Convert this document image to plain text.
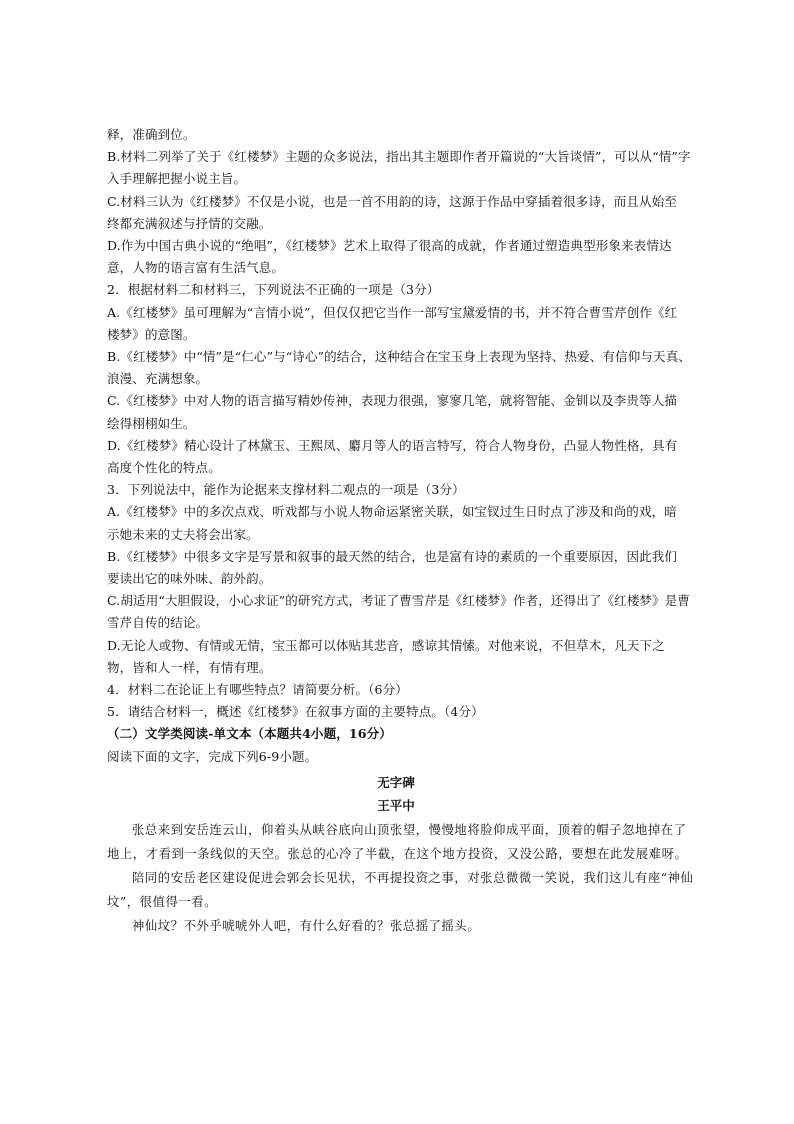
释，准确到位。

B.材料二列举了关于《红楼梦》主题的众多说法，指出其主题即作者开篇说的“大旨谈情”，可以从“情”字

入手理解把握小说主旨。

C.材料三认为《红楼梦》不仅是小说，也是一首不用韵的诗，这源于作品中穿插着很多诗，而且从始至

终都充满叙述与抒情的交融。

D.作为中国古典小说的“绝唱”，《红楼梦》艺术上取得了很高的成就，作者通过塑造典型形象来表情达

意，人物的语言富有生活气息。

2．根据材料二和材料三，下列说法不正确的一项是（3分）

A.《红楼梦》虽可理解为“言情小说”，但仅仅把它当作一部写宝黛爱情的书，并不符合曹雪芹创作《红

楼梦》的意图。

B.《红楼梦》中“情”是“仁心”与“诗心”的结合，这种结合在宝玉身上表现为坚持、热爱、有信仰与天真、

浪漫、充满想象。

C.《红楼梦》中对人物的语言描写精妙传神，表现力很强，寥寥几笔，就将智能、金钏以及李贵等人描

绘得栩栩如生。

D.《红楼梦》精心设计了林黛玉、王熙凤、麝月等人的语言特写，符合人物身份，凸显人物性格，具有

高度个性化的特点。

3．下列说法中，能作为论据来支撑材料二观点的一项是（3分）

A.《红楼梦》中的多次点戏、听戏都与小说人物命运紧密关联，如宝钗过生日时点了涉及和尚的戏，暗

示她未来的丈夫将会出家。

B.《红楼梦》中很多文字是写景和叙事的最天然的结合，也是富有诗的素质的一个重要原因，因此我们

要读出它的味外味、韵外韵。

C.胡适用“大胆假设，小心求证”的研究方式，考证了曹雪芹是《红楼梦》作者，还得出了《红楼梦》是曹

雪芹自传的结论。

D.无论人或物、有情或无情，宝玉都可以体贴其悲音，感谅其情愫。对他来说，不但草木，凡天下之

物，皆和人一样，有情有理。

4．材料二在论证上有哪些特点？请简要分析。（6分）

5．请结合材料一，概述《红楼梦》在叙事方面的主要特点。（4分）

（二）文学类阅读-单文本（本题共4小题，16分）

阅读下面的文字，完成下列6-9小题。

无字碑
王平中

张总来到安岳连云山，仰着头从峡谷底向山顶张望，慢慢地将脸仰成平面，顶着的帽子忽地掉在了

地上，才看到一条线似的天空。张总的心冷了半截，在这个地方投资，又没公路，要想在此发展难呀。

陪同的安岳老区建设促进会郭会长见状，不再提投资之事，对张总微微一笑说，我们这儿有座“神仙

坟”，很值得一看。

神仙坟？不外乎唬唬外人吧，有什么好看的？张总摇了摇头。
